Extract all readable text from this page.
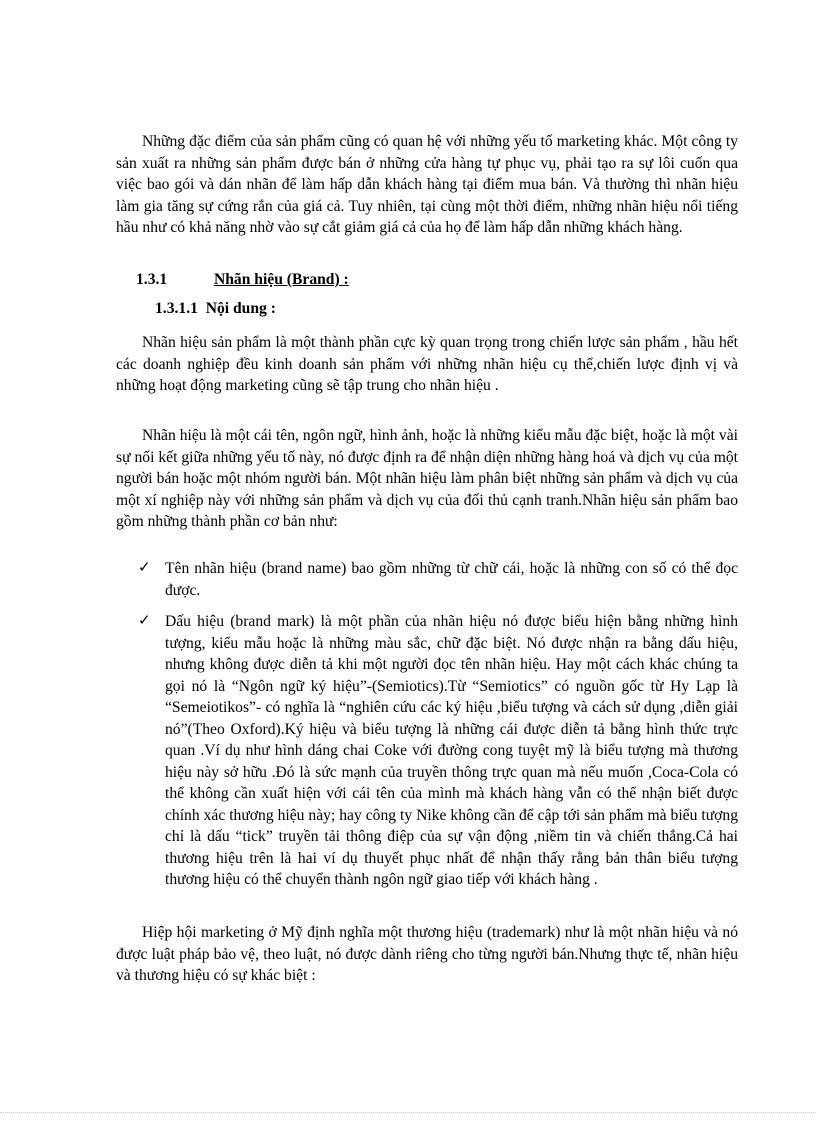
Những đặc điểm của sản phẩm cũng có quan hệ với những yếu tố marketing khác. Một công ty sản xuất ra những sản phẩm được bán ở những cửa hàng tự phục vụ, phải tạo ra sự lôi cuốn qua việc bao gói và dán nhãn để làm hấp dẫn khách hàng tại điểm mua bán. Và thường thì nhãn hiệu làm gia tăng sự cứng rắn của giá cả. Tuy nhiên, tại cùng một thời điểm, những nhãn hiệu nổi tiếng hầu như có khả năng nhờ vào sự cắt giảm giá cả của họ để làm hấp dẫn những khách hàng.

1.3.1	Nhãn hiệu (Brand) :
1.3.1.1 Nội dung :

Nhãn hiệu sản phẩm là một thành phần cực kỳ quan trọng trong chiến lược sản phẩm , hầu hết các doanh nghiệp đều kinh doanh sản phẩm với những nhãn hiệu cụ thể,chiến lược định vị và những hoạt động marketing cũng sẽ tập trung cho nhãn hiệu .

Nhãn hiệu là một cái tên, ngôn ngữ, hình ảnh, hoặc là những kiểu mẫu đặc biệt, hoặc là một vài sự nối kết giữa những yếu tố này, nó được định ra để nhận diện những hàng hoá và dịch vụ của một người bán hoặc một nhóm người bán. Một nhãn hiệu làm phân biệt những sản phẩm và dịch vụ của một xí nghiệp này với những sản phẩm và dịch vụ của đối thủ cạnh tranh.Nhãn hiệu sản phẩm bao gồm những thành phần cơ bản như:

✓ Tên nhãn hiệu (brand name) bao gồm những từ chữ cái, hoặc là những con số có thể đọc được.
✓ Dấu hiệu (brand mark) là một phần của nhãn hiệu nó được biểu hiện bằng những hình tượng, kiểu mẫu hoặc là những màu sắc, chữ đặc biệt. Nó được nhận ra bằng dấu hiệu, nhưng không được diễn tả khi một người đọc tên nhãn hiệu. Hay một cách khác chúng ta gọi nó là “Ngôn ngữ ký hiệu”-(Semiotics).Từ “Semiotics” có nguồn gốc từ Hy Lạp là “Semeiotikos”- có nghĩa là “nghiên cứu các ký hiệu ,biểu tượng và cách sử dụng ,diễn giải nó”(Theo Oxford).Ký hiệu và biểu tượng là những cái được diễn tả bằng hình thức trực quan .Ví dụ như hình dáng chai Coke với đường cong tuyệt mỹ là biểu tượng mà thương hiệu này sở hữu .Đó là sức mạnh của truyền thông trực quan mà nếu muốn ,Coca-Cola có thể không cần xuất hiện với cái tên của mình mà khách hàng vẫn có thể nhận biết được chính xác thương hiệu này; hay công ty Nike không cần để cập tới sản phẩm mà biểu tượng chỉ là dấu “tick” truyền tải thông điệp của sự vận động ,niềm tin và chiến thắng.Cả hai thương hiệu trên là hai ví dụ thuyết phục nhất để nhận thấy rằng bản thân biểu tượng thương hiệu có thể chuyển thành ngôn ngữ giao tiếp với khách hàng .

Hiệp hội marketing ở Mỹ định nghĩa một thương hiệu (trademark) như là một nhãn hiệu và nó được luật pháp bảo vệ, theo luật, nó được dành riêng cho từng người bán.Nhưng thực tế, nhãn hiệu và thương hiệu có sự khác biệt :
